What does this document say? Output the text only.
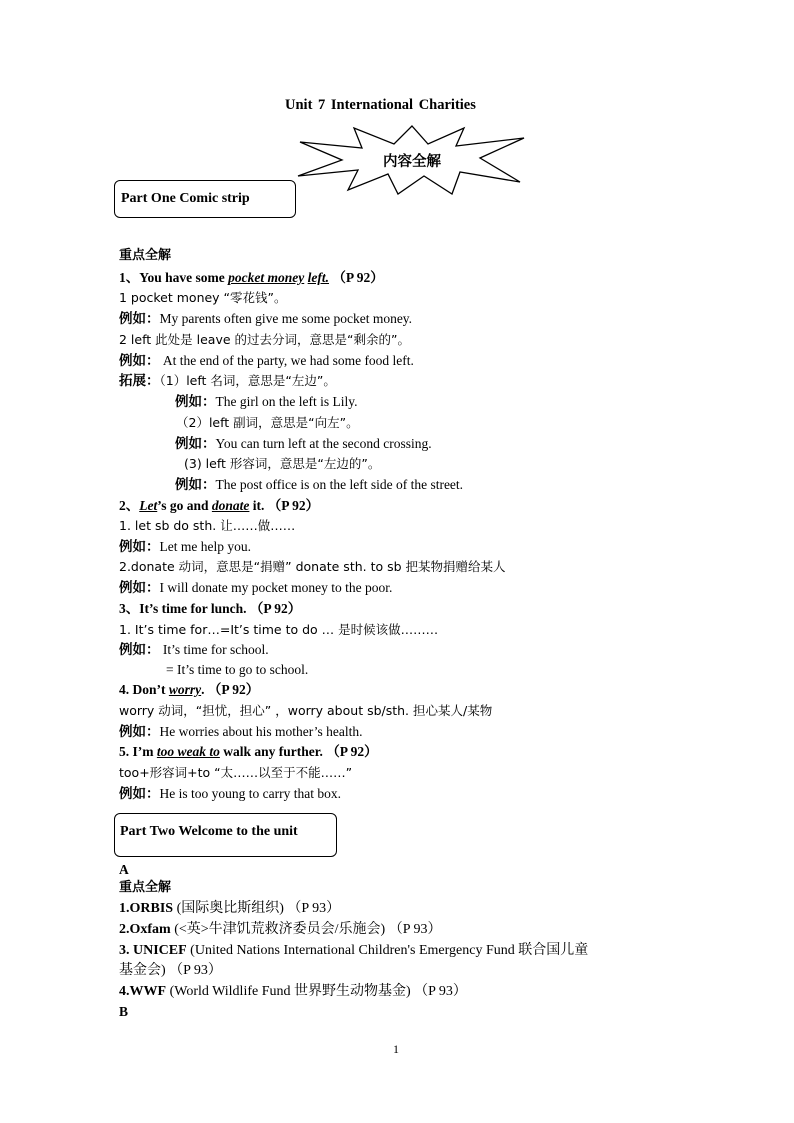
Unit 7 International Charities
内容全解
Part One Comic strip
重点全解
1、You have some pocket money left. （P 92）
1 pocket money “零花钱”。
例如：My parents often give me some pocket money.
2 left 此处是 leave 的过去分词，意思是“剩余的”。
例如： At the end of the party, we had some food left.
拓展：（1）left 名词，意思是“左边”。
例如：The girl on the left is Lily.
（2）left 副词，意思是“向左”。
例如：You can turn left at the second crossing.
(3) left 形容词，意思是“左边的”。
例如：The post office is on the left side of the street.
2、Let’s go and donate it. （P 92）
1. let sb do sth. 让……做……
例如：Let me help you.
2.donate 动词，意思是“捐赠” donate sth. to sb 把某物捐赠给某人
例如：I will donate my pocket money to the poor.
3、It’s time for lunch. （P 92）
1. It’s time for…=It’s time to do … 是时候该做………
例如： It’s time for school.
= It’s time to go to school.
4. Don’t worry. （P 92）
worry 动词，“担忧，担心” ，worry about sb/sth. 担心某人/某物
例如：He worries about his mother’s health.
5. I’m too weak to walk any further. （P 92）
too+形容词+to “太……以至于不能……”
例如：He is too young to carry that box.
Part Two Welcome to the unit
A
重点全解
1.ORBIS (国际奥比斯组织) （P 93）
2.Oxfam (<英>牛津饥荒救济委员会/乐施会) （P 93）
3. UNICEF (United Nations International Children's Emergency Fund 联合国儿童
基金会) （P 93）
4.WWF (World Wildlife Fund 世界野生动物基金) （P 93）
B
1
